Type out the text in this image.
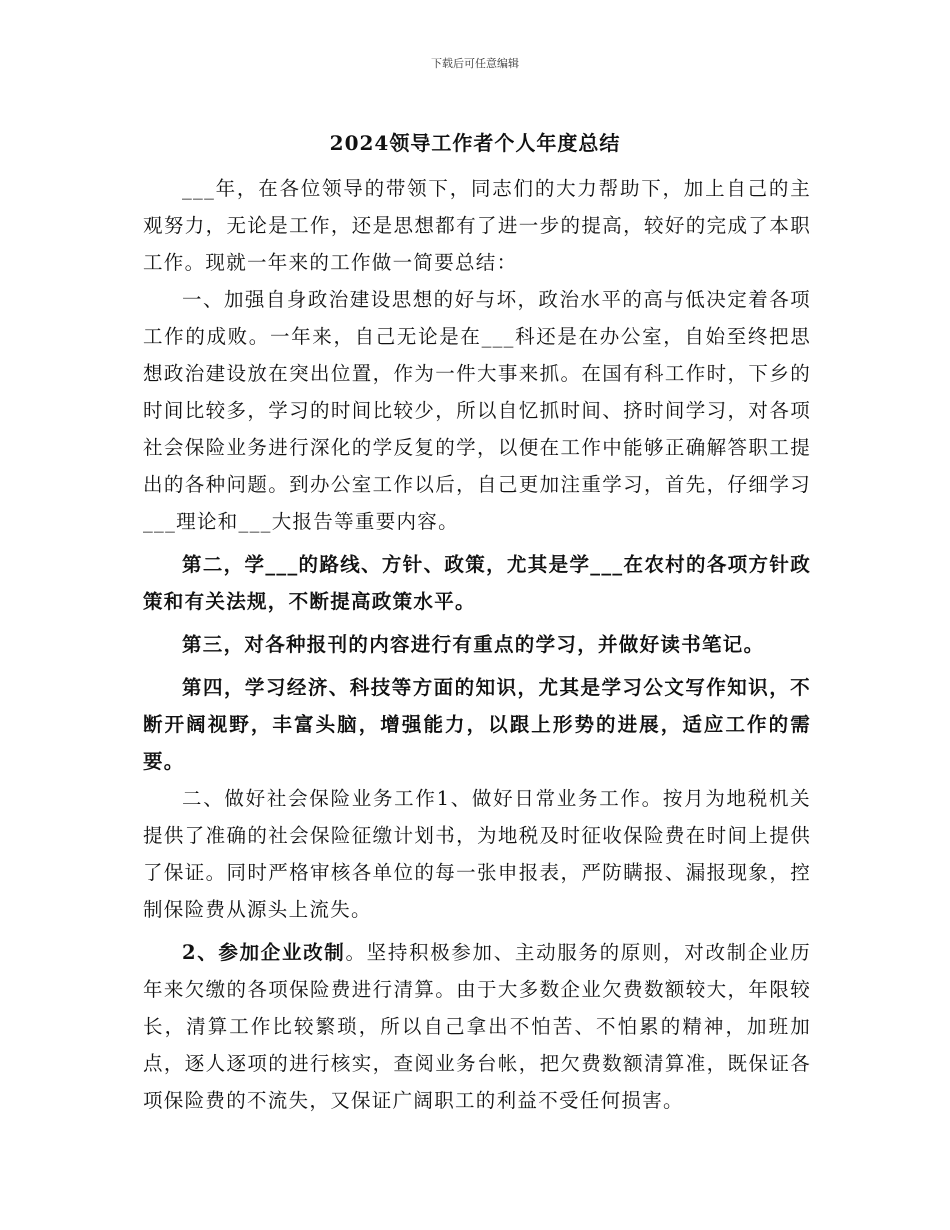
下载后可任意编辑
2024领导工作者个人年度总结

___年，在各位领导的带领下，同志们的大力帮助下，加上自己的主观努力，无论是工作，还是思想都有了进一步的提高，较好的完成了本职工作。现就一年来的工作做一简要总结：

一、加强自身政治建设思想的好与坏，政治水平的高与低决定着各项工作的成败。一年来，自己无论是在___科还是在办公室，自始至终把思想政治建设放在突出位置，作为一件大事来抓。在国有科工作时，下乡的时间比较多，学习的时间比较少，所以自忆抓时间、挤时间学习，对各项社会保险业务进行深化的学反复的学，以便在工作中能够正确解答职工提出的各种问题。到办公室工作以后，自己更加注重学习，首先，仔细学习___理论和___大报告等重要内容。

第二，学___的路线、方针、政策，尤其是学___在农村的各项方针政策和有关法规，不断提高政策水平。

第三，对各种报刊的内容进行有重点的学习，并做好读书笔记。

第四，学习经济、科技等方面的知识，尤其是学习公文写作知识，不断开阔视野，丰富头脑，增强能力，以跟上形势的进展，适应工作的需要。

二、做好社会保险业务工作1、做好日常业务工作。按月为地税机关提供了准确的社会保险征缴计划书，为地税及时征收保险费在时间上提供了保证。同时严格审核各单位的每一张申报表，严防瞒报、漏报现象，控制保险费从源头上流失。

2、参加企业改制。坚持积极参加、主动服务的原则，对改制企业历年来欠缴的各项保险费进行清算。由于大多数企业欠费数额较大，年限较长，清算工作比较繁琐，所以自己拿出不怕苦、不怕累的精神，加班加点，逐人逐项的进行核实，查阅业务台帐，把欠费数额清算准，既保证各项保险费的不流失，又保证广阔职工的利益不受任何损害。
